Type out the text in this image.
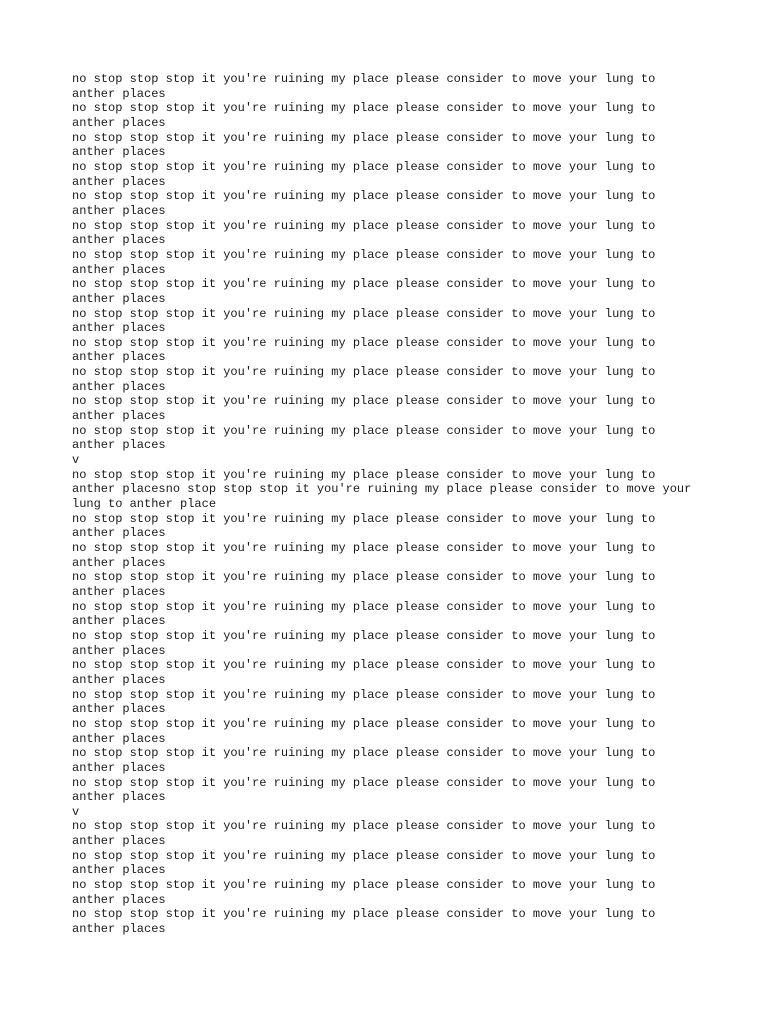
no stop stop stop it you're ruining my place please consider to move your lung to anther places
no stop stop stop it you're ruining my place please consider to move your lung to anther places
no stop stop stop it you're ruining my place please consider to move your lung to anther places
no stop stop stop it you're ruining my place please consider to move your lung to anther places
no stop stop stop it you're ruining my place please consider to move your lung to anther places
no stop stop stop it you're ruining my place please consider to move your lung to anther places
no stop stop stop it you're ruining my place please consider to move your lung to anther places
no stop stop stop it you're ruining my place please consider to move your lung to anther places
no stop stop stop it you're ruining my place please consider to move your lung to anther places
no stop stop stop it you're ruining my place please consider to move your lung to anther places
no stop stop stop it you're ruining my place please consider to move your lung to anther places
no stop stop stop it you're ruining my place please consider to move your lung to anther places
no stop stop stop it you're ruining my place please consider to move your lung to anther places
v
no stop stop stop it you're ruining my place please consider to move your lung to anther placesno stop stop stop it you're ruining my place please consider to move your lung to anther place
no stop stop stop it you're ruining my place please consider to move your lung to anther places
no stop stop stop it you're ruining my place please consider to move your lung to anther places
no stop stop stop it you're ruining my place please consider to move your lung to anther places
no stop stop stop it you're ruining my place please consider to move your lung to anther places
no stop stop stop it you're ruining my place please consider to move your lung to anther places
no stop stop stop it you're ruining my place please consider to move your lung to anther places
no stop stop stop it you're ruining my place please consider to move your lung to anther places
no stop stop stop it you're ruining my place please consider to move your lung to anther places
no stop stop stop it you're ruining my place please consider to move your lung to anther places
no stop stop stop it you're ruining my place please consider to move your lung to anther places
v
no stop stop stop it you're ruining my place please consider to move your lung to anther places
no stop stop stop it you're ruining my place please consider to move your lung to anther places
no stop stop stop it you're ruining my place please consider to move your lung to anther places
no stop stop stop it you're ruining my place please consider to move your lung to anther places
